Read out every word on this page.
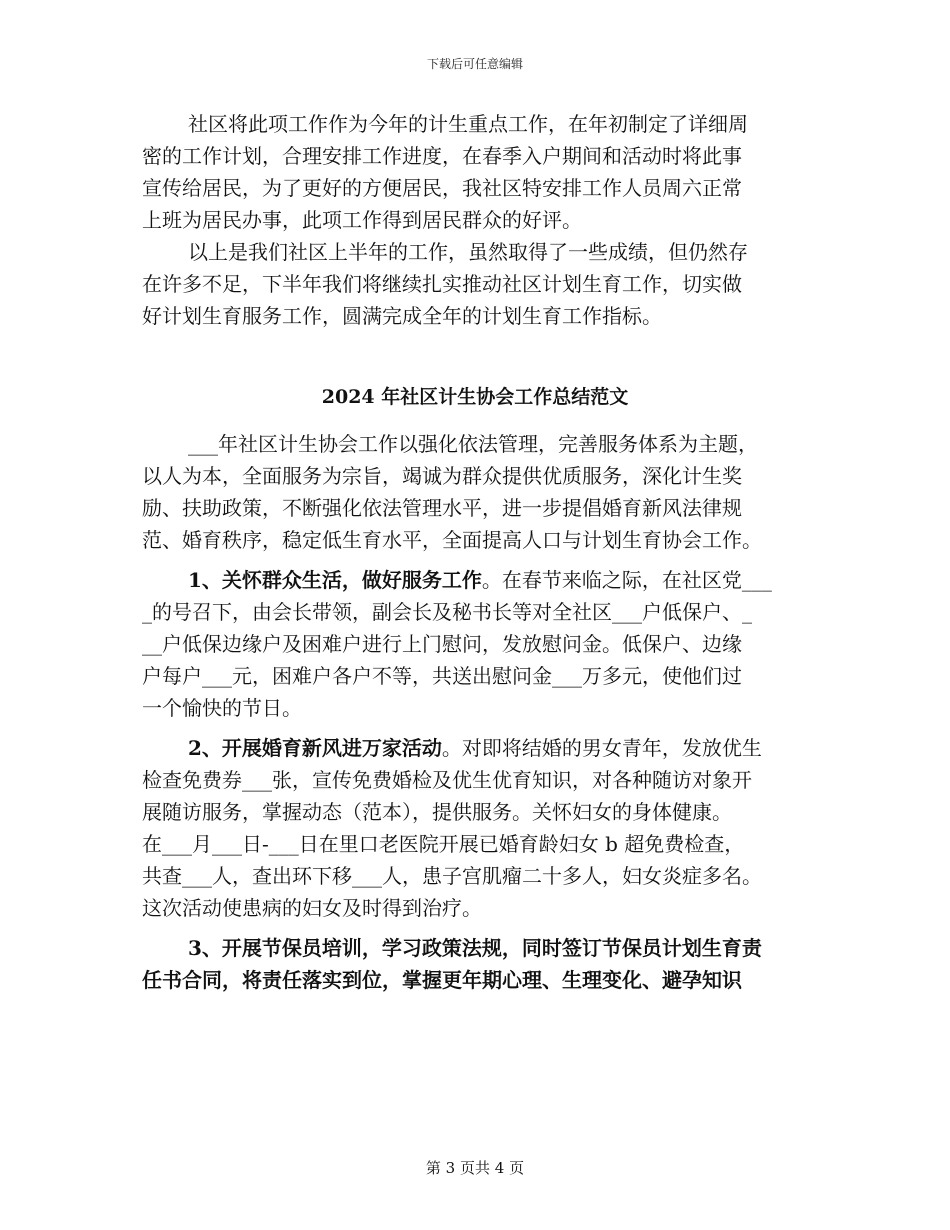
下载后可任意编辑
社区将此项工作作为今年的计生重点工作，在年初制定了详细周
密的工作计划，合理安排工作进度，在春季入户期间和活动时将此事
宣传给居民，为了更好的方便居民，我社区特安排工作人员周六正常
上班为居民办事，此项工作得到居民群众的好评。
以上是我们社区上半年的工作，虽然取得了一些成绩，但仍然存
在许多不足，下半年我们将继续扎实推动社区计划生育工作，切实做
好计划生育服务工作，圆满完成全年的计划生育工作指标。
2024 年社区计生协会工作总结范文
___年社区计生协会工作以强化依法管理，完善服务体系为主题，
以人为本，全面服务为宗旨，竭诚为群众提供优质服务，深化计生奖
励、扶助政策，不断强化依法管理水平，进一步提倡婚育新风法律规
范、婚育秩序，稳定低生育水平，全面提高人口与计划生育协会工作。
1、关怀群众生活，做好服务工作。在春节来临之际，在社区党___
_的号召下，由会长带领，副会长及秘书长等对全社区___户低保户、_
__户低保边缘户及困难户进行上门慰问，发放慰问金。低保户、边缘
户每户___元，困难户各户不等，共送出慰问金___万多元，使他们过
一个愉快的节日。
2、开展婚育新风进万家活动。对即将结婚的男女青年，发放优生
检查免费券___张，宣传免费婚检及优生优育知识，对各种随访对象开
展随访服务，掌握动态（范本），提供服务。关怀妇女的身体健康。
在___月___日-___日在里口老医院开展已婚育龄妇女 b 超免费检查，
共查___人，查出环下移___人，患子宫肌瘤二十多人，妇女炎症多名。
这次活动使患病的妇女及时得到治疗。
3、开展节保员培训，学习政策法规，同时签订节保员计划生育责
任书合同，将责任落实到位，掌握更年期心理、生理变化、避孕知识
第 3 页共 4 页
